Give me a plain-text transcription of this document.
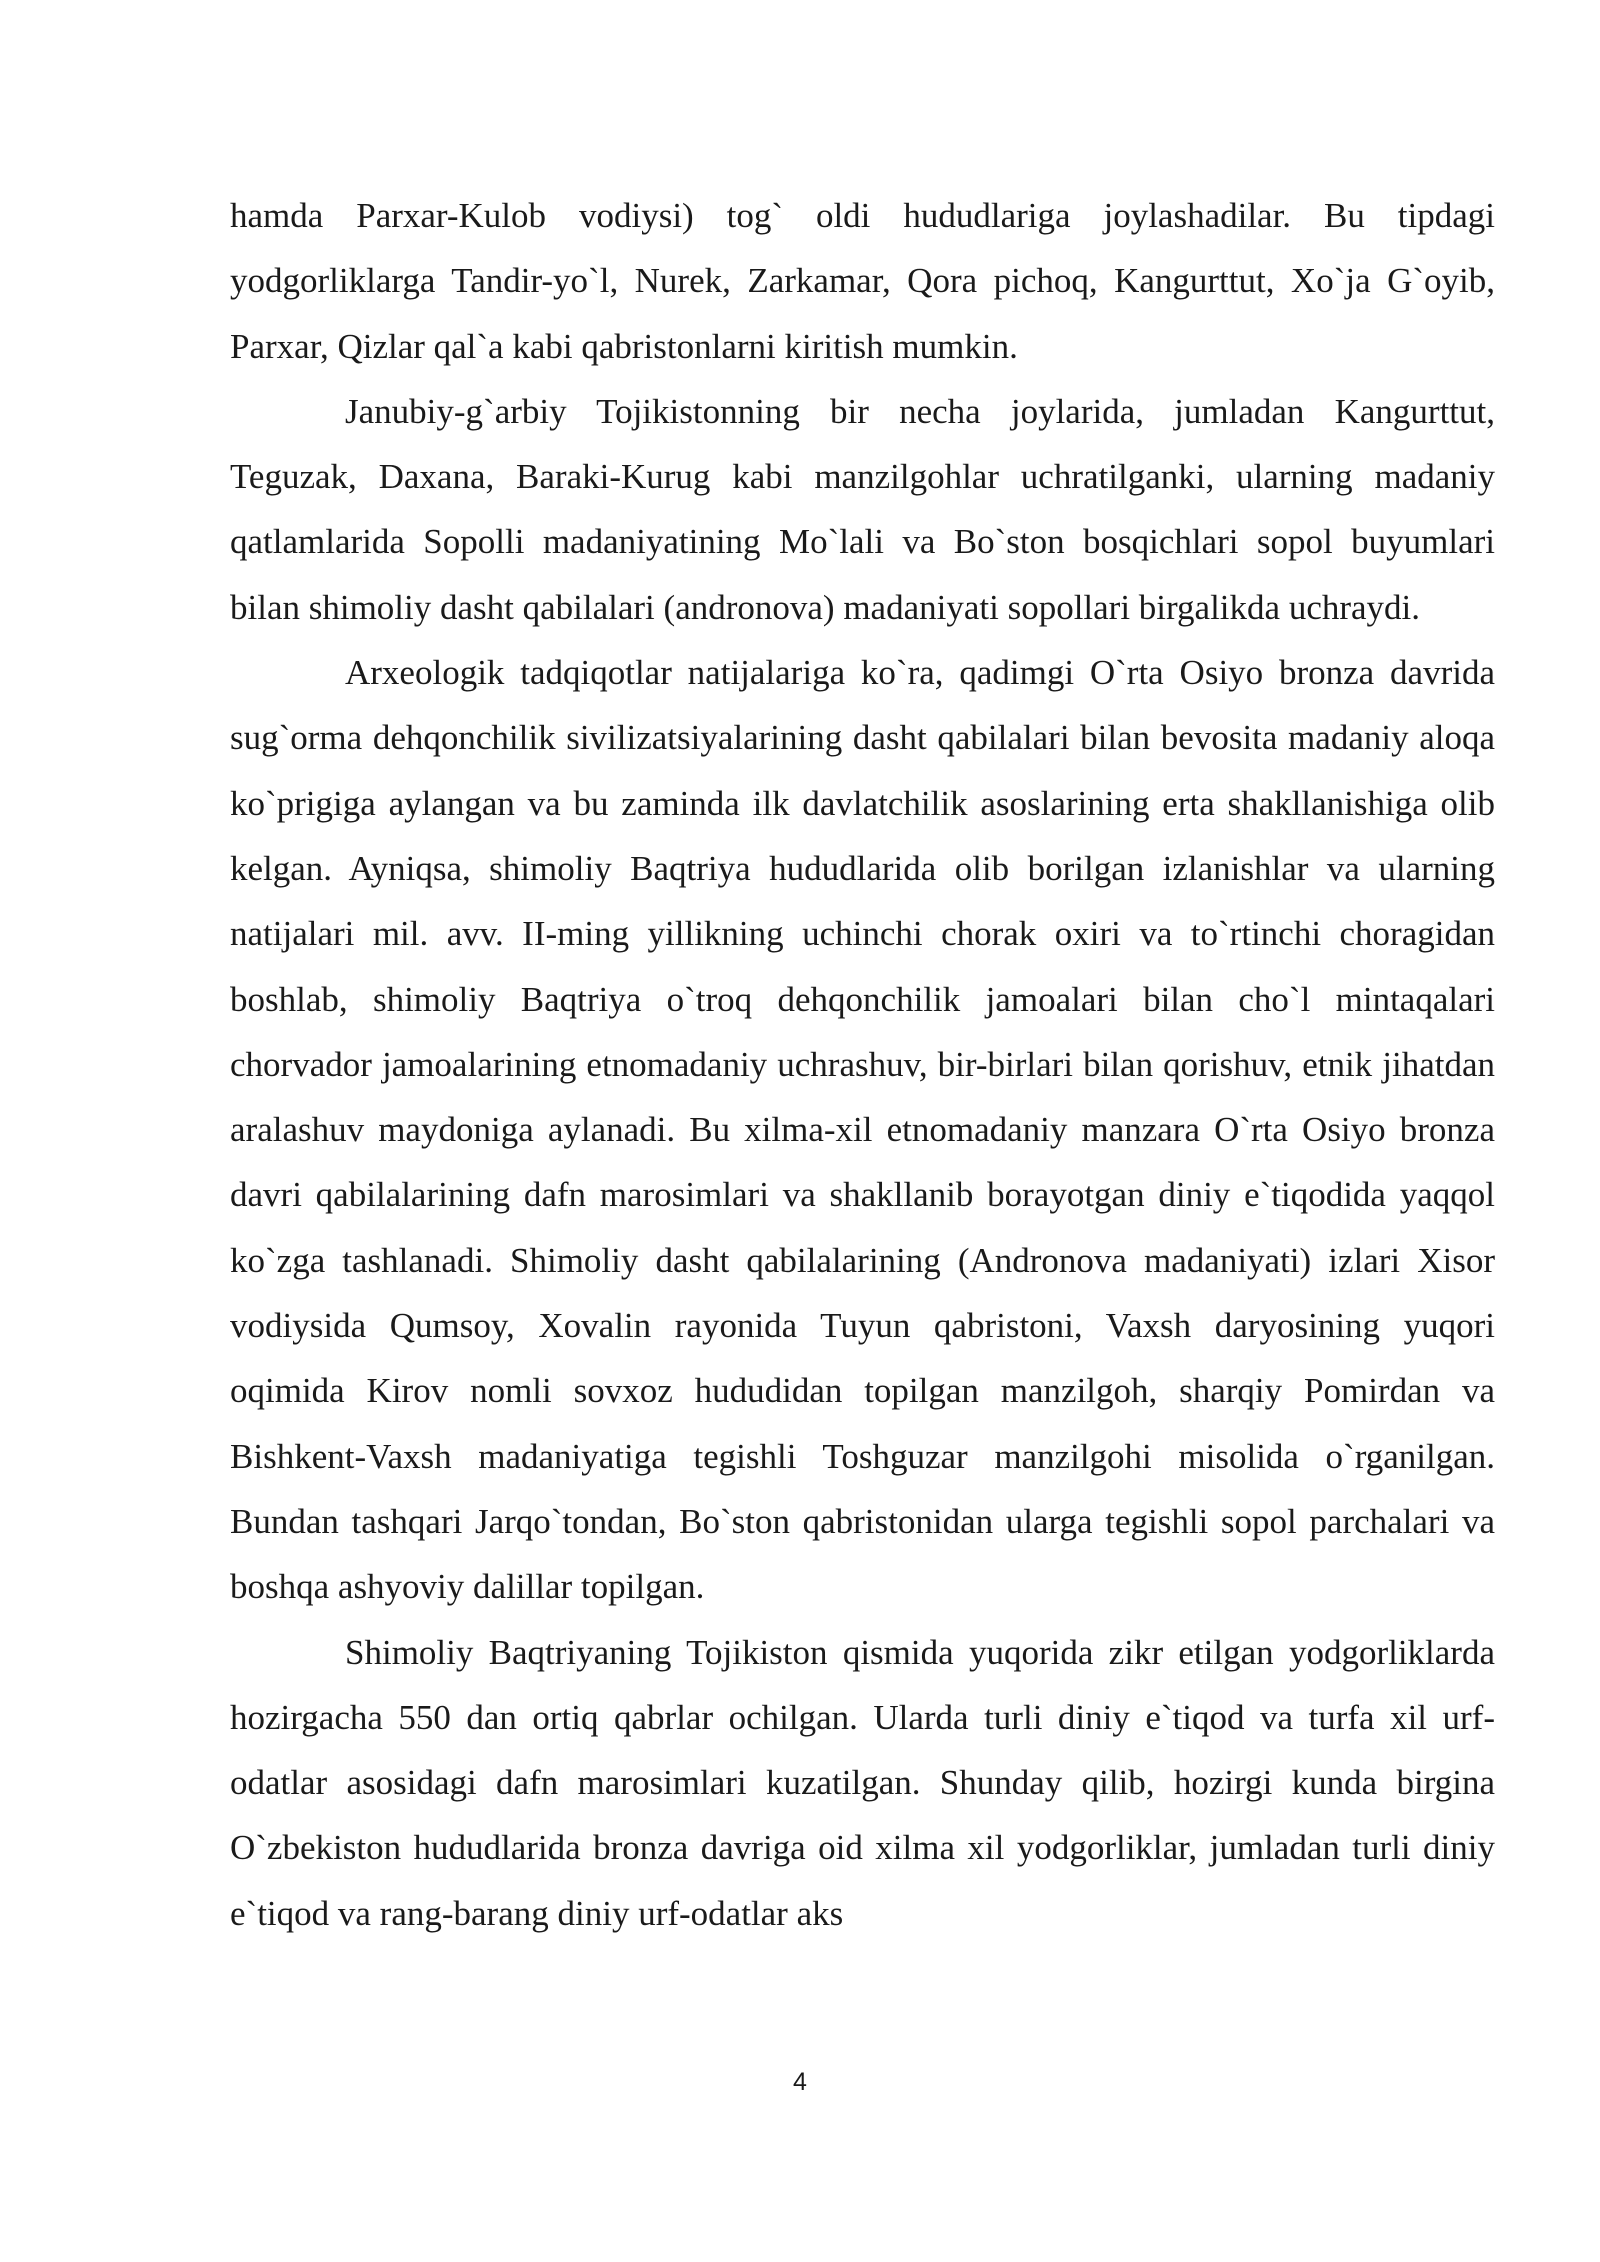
hamda Parxar-Kulob vodiysi) tog` oldi hududlariga joylashadilar. Bu tipdagi yodgorliklarga Tandir-yo`l, Nurek, Zarkamar, Qora pichoq, Kangurttut, Xo`ja G`oyib, Parxar, Qizlar qal`a kabi qabristonlarni kiritish mumkin.

Janubiy-g`arbiy Tojikistonning bir necha joylarida, jumladan Kangurttut, Teguzak, Daxana, Baraki-Kurug kabi manzilgohlar uchratilganki, ularning madaniy qatlamlarida Sopolli madaniyatining Mo`lali va Bo`ston bosqichlari sopol buyumlari bilan shimoliy dasht qabilalari (andronova) madaniyati sopollari birgalikda uchraydi.

Arxeologik tadqiqotlar natijalariga ko`ra, qadimgi O`rta Osiyo bronza davrida sug`orma dehqonchilik sivilizatsiyalarining dasht qabilalari bilan bevosita madaniy aloqa ko`prigiga aylangan va bu zaminda ilk davlatchilik asoslarining erta shakllanishiga olib kelgan. Ayniqsa, shimoliy Baqtriya hududlarida olib borilgan izlanishlar va ularning natijalari mil. avv. II-ming yillikning uchinchi chorak oxiri va to`rtinchi choragidan boshlab, shimoliy Baqtriya o`troq dehqonchilik jamoalari bilan cho`l mintaqalari chorvador jamoalarining etnomadaniy uchrashuv, bir-birlari bilan qorishuv, etnik jihatdan aralashuv maydoniga aylanadi. Bu xilma-xil etnomadaniy manzara O`rta Osiyo bronza davri qabilalarining dafn marosimlari va shakllanib borayotgan diniy e`tiqodida yaqqol ko`zga tashlanadi. Shimoliy dasht qabilalarining (Andronova madaniyati) izlari Xisor vodiysida Qumsoy, Xovalin rayonida Tuyun qabristoni, Vaxsh daryosining yuqori oqimida Kirov nomli sovxoz hududidan topilgan manzilgoh, sharqiy Pomirdan va Bishkent-Vaxsh madaniyatiga tegishli Toshguzar manzilgohi misolida o`rganilgan. Bundan tashqari Jarqo`tondan, Bo`ston qabristonidan ularga tegishli sopol parchalari va boshqa ashyoviy dalillar topilgan.

Shimoliy Baqtriyaning Tojikiston qismida yuqorida zikr etilgan yodgorliklarda hozirgacha 550 dan ortiq qabrlar ochilgan. Ularda turli diniy e`tiqod va turfa xil urf-odatlar asosidagi dafn marosimlari kuzatilgan. Shunday qilib, hozirgi kunda birgina O`zbekiston hududlarida bronza davriga oid xilma xil yodgorliklar, jumladan turli diniy e`tiqod va rang-barang diniy urf-odatlar aks

4
